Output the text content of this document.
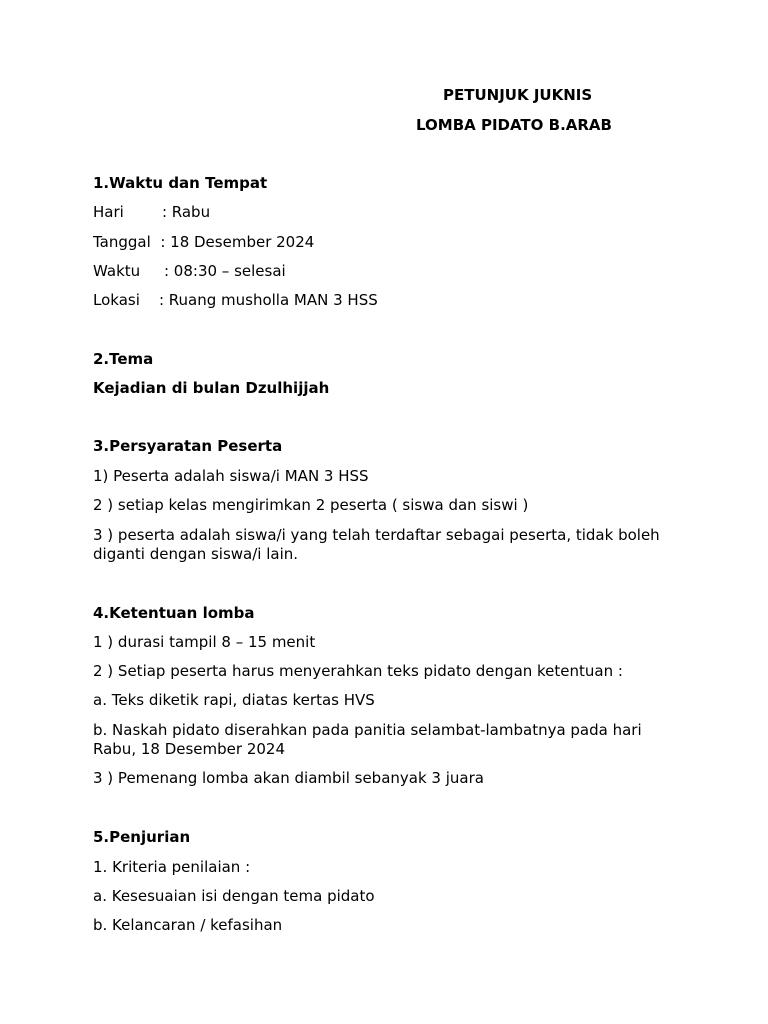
PETUNJUK JUKNIS
LOMBA PIDATO B.ARAB
1.Waktu dan Tempat
Hari        : Rabu
Tanggal  : 18 Desember 2024
Waktu     : 08:30 – selesai
Lokasi    : Ruang musholla MAN 3 HSS
2.Tema
Kejadian di bulan Dzulhijjah
3.Persyaratan Peserta
1) Peserta adalah siswa/i MAN 3 HSS
2 ) setiap kelas mengirimkan 2 peserta ( siswa dan siswi )
3 ) peserta adalah siswa/i yang telah terdaftar sebagai peserta, tidak boleh diganti dengan siswa/i lain.
4.Ketentuan lomba
1 ) durasi tampil 8 – 15 menit
2 ) Setiap peserta harus menyerahkan teks pidato dengan ketentuan :
a. Teks diketik rapi, diatas kertas HVS
b. Naskah pidato diserahkan pada panitia selambat-lambatnya pada hari Rabu, 18 Desember 2024
3 ) Pemenang lomba akan diambil sebanyak 3 juara
5.Penjurian
1. Kriteria penilaian :
a. Kesesuaian isi dengan tema pidato
b. Kelancaran / kefasihan
